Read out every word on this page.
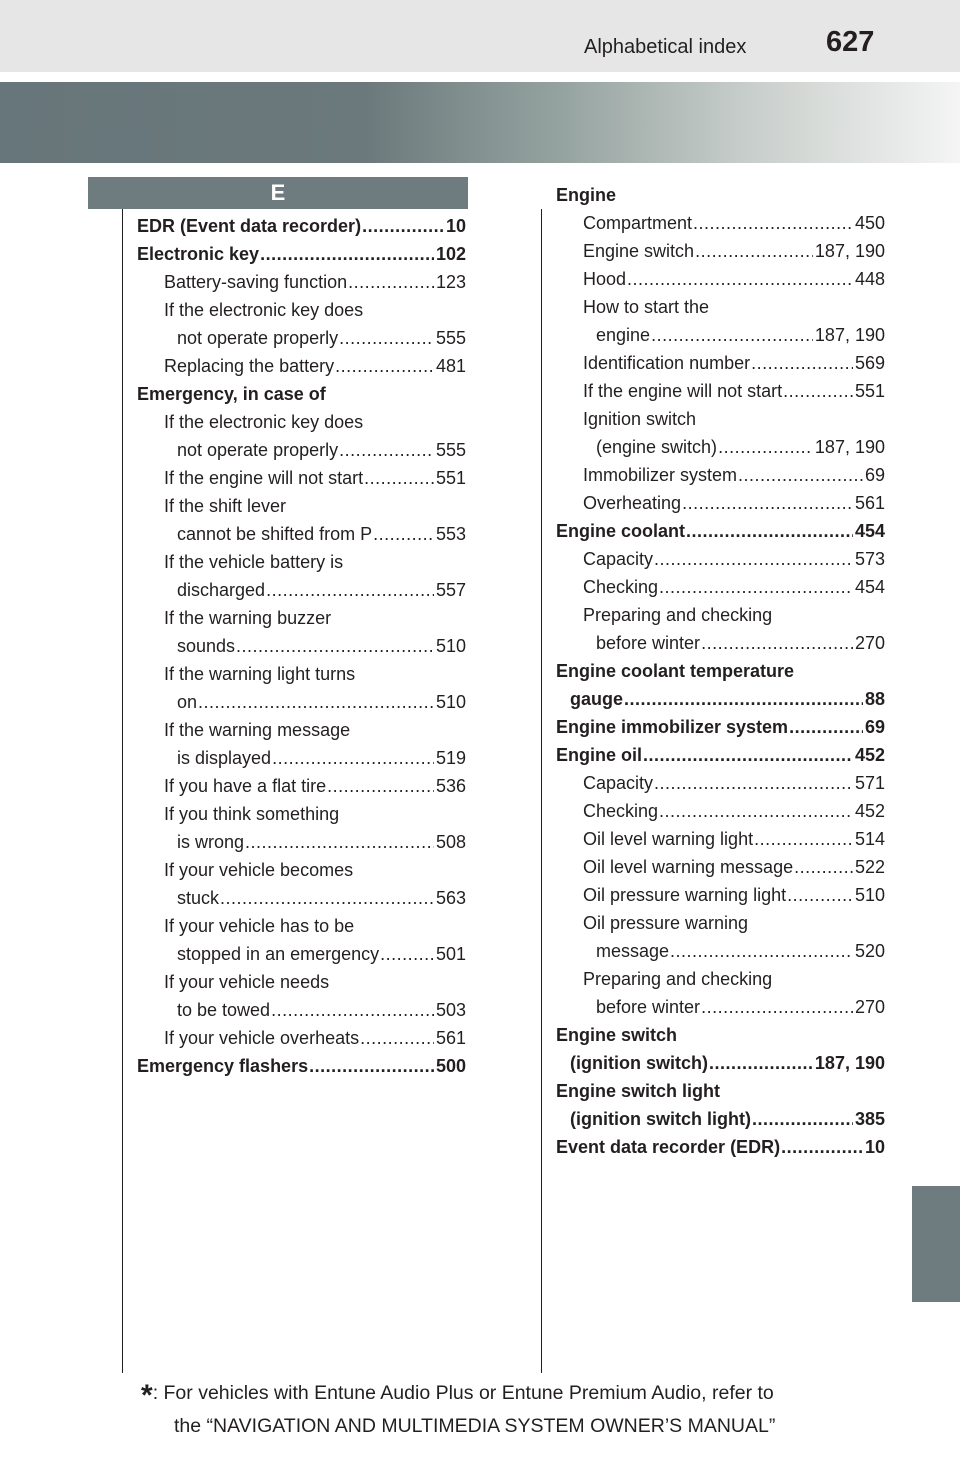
Alphabetical index	627
E
EDR (Event data recorder) .....	10
Electronic key .....	102
Battery-saving function .....	123
If the electronic key does
not operate properly .....	555
Replacing the battery .....	481
Emergency, in case of
If the electronic key does
not operate properly .....	555
If the engine will not start .....	551
If the shift lever
cannot be shifted from P .....	553
If the vehicle battery is
discharged .....	557
If the warning buzzer
sounds .....	510
If the warning light turns
on .....	510
If the warning message
is displayed .....	519
If you have a flat tire .....	536
If you think something
is wrong .....	508
If your vehicle becomes
stuck .....	563
If your vehicle has to be
stopped in an emergency .....	501
If your vehicle needs
to be towed .....	503
If your vehicle overheats .....	561
Emergency flashers .....	500
Engine
Compartment .....	450
Engine switch .....	187, 190
Hood .....	448
How to start the
engine .....	187, 190
Identification number .....	569
If the engine will not start .....	551
Ignition switch
(engine switch) .....	187, 190
Immobilizer system .....	69
Overheating .....	561
Engine coolant .....	454
Capacity .....	573
Checking .....	454
Preparing and checking
before winter .....	270
Engine coolant temperature
gauge .....	88
Engine immobilizer system .....	69
Engine oil .....	452
Capacity .....	571
Checking .....	452
Oil level warning light .....	514
Oil level warning message .....	522
Oil pressure warning light .....	510
Oil pressure warning
message .....	520
Preparing and checking
before winter .....	270
Engine switch
(ignition switch) .....	187, 190
Engine switch light
(ignition switch light) .....	385
Event data recorder (EDR) .....	10
*: For vehicles with Entune Audio Plus or Entune Premium Audio, refer to
the “NAVIGATION AND MULTIMEDIA SYSTEM OWNER’S MANUAL”
